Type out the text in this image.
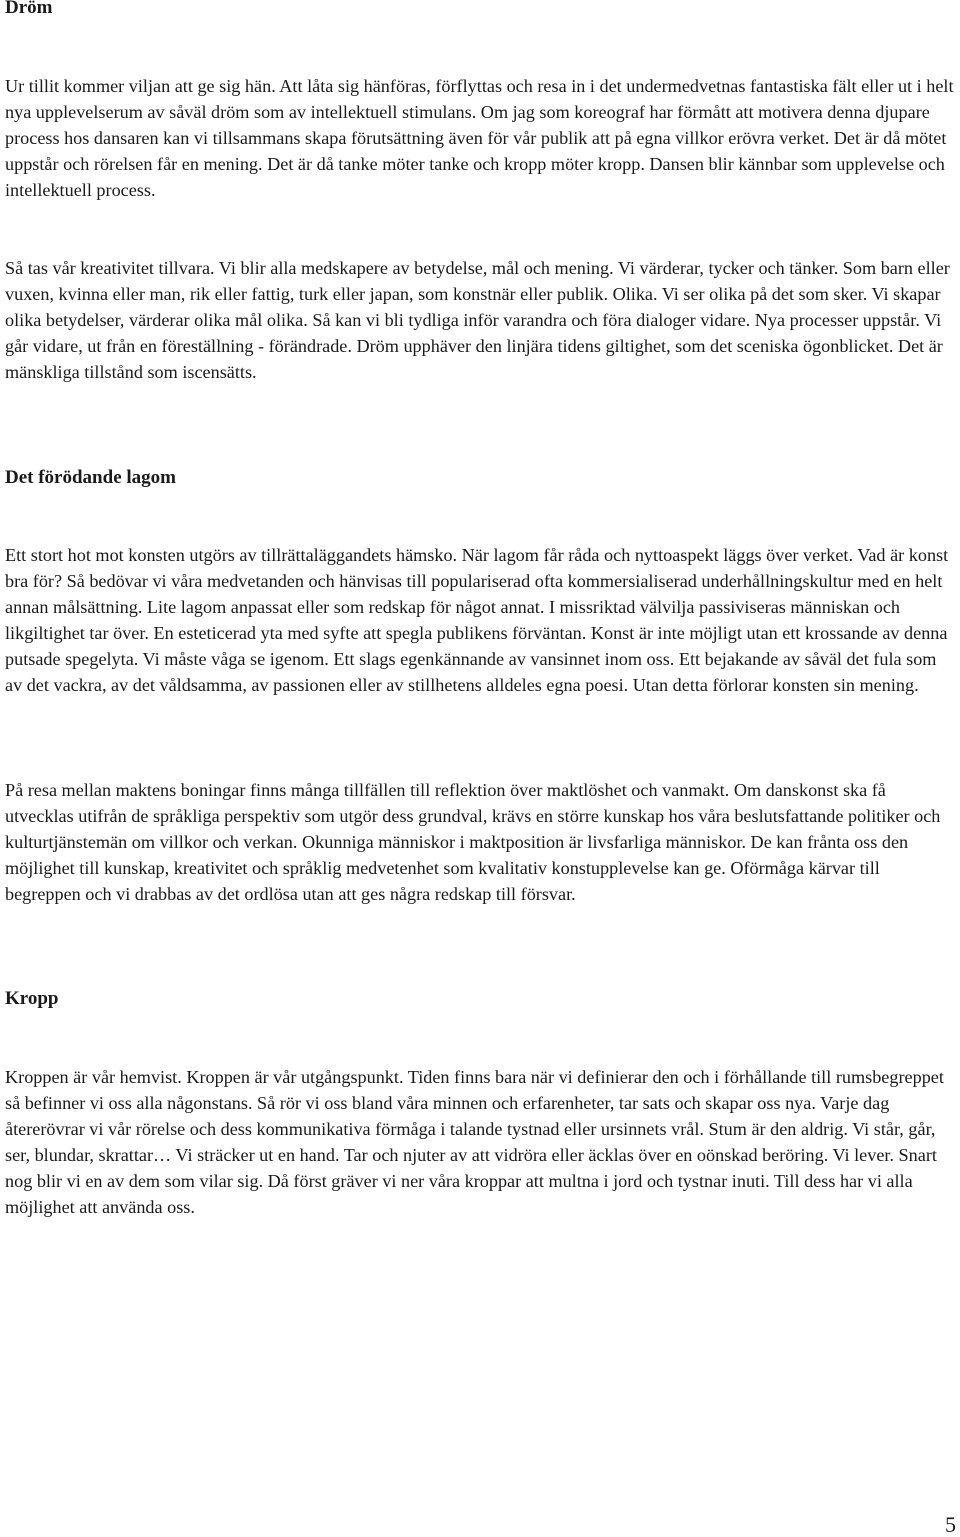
Dröm

Ur tillit kommer viljan att ge sig hän. Att låta sig hänföras, förflyttas och resa in i det undermedvetnas fantastiska fält eller ut i helt nya upplevelserum av såväl dröm som av intellektuell stimulans. Om jag som koreograf har förmått att motivera denna djupare process hos dansaren kan vi tillsammans skapa förutsättning även för vår publik att på egna villkor erövra verket. Det är då mötet uppstår och rörelsen får en mening. Det är då tanke möter tanke och kropp möter kropp. Dansen blir kännbar som upplevelse och intellektuell process.

Så tas vår kreativitet tillvara. Vi blir alla medskapere av betydelse, mål och mening. Vi värderar, tycker och tänker. Som barn eller vuxen, kvinna eller man, rik eller fattig, turk eller japan, som konstnär eller publik. Olika. Vi ser olika på det som sker. Vi skapar olika betydelser, värderar olika mål olika. Så kan vi bli tydliga inför varandra och föra dialoger vidare. Nya processer uppstår. Vi går vidare, ut från en föreställning - förändrade. Dröm upphäver den linjära tidens giltighet, som det sceniska ögonblicket. Det är mänskliga tillstånd som iscensätts.

Det förödande lagom

Ett stort hot mot konsten utgörs av tillrättaläggandets hämsko. När lagom får råda och nyttoaspekt läggs över verket. Vad är konst bra för? Så bedövar vi våra medvetanden och hänvisas till populariserad ofta kommersialiserad underhållningskultur med en helt annan målsättning. Lite lagom anpassat eller som redskap för något annat. I missriktad välvilja passiviseras människan och likgiltighet tar över. En esteticerad yta med syfte att spegla publikens förväntan. Konst är inte möjligt utan ett krossande av denna putsade spegelyta. Vi måste våga se igenom. Ett slags egenkännande av vansinnet inom oss. Ett bejakande av såväl det fula som av det vackra, av det våldsamma, av passionen eller av stillhetens alldeles egna poesi. Utan detta förlorar konsten sin mening.

På resa mellan maktens boningar finns många tillfällen till reflektion över maktlöshet och vanmakt. Om danskonst ska få utvecklas utifrån de språkliga perspektiv som utgör dess grundval, krävs en större kunskap hos våra beslutsfattande politiker och kulturtjänstemän om villkor och verkan. Okunniga människor i maktposition är livsfarliga människor. De kan frånta oss den möjlighet till kunskap, kreativitet och språklig medvetenhet som kvalitativ konstupplevelse kan ge. Oförmåga kärvar till begreppen och vi drabbas av det ordlösa utan att ges några redskap till försvar.

Kropp

Kroppen är vår hemvist. Kroppen är vår utgångspunkt. Tiden finns bara när vi definierar den och i förhållande till rumsbegreppet så befinner vi oss alla någonstans. Så rör vi oss bland våra minnen och erfarenheter, tar sats och skapar oss nya. Varje dag återerövrar vi vår rörelse och dess kommunikativa förmåga i talande tystnad eller ursinnets vrål. Stum är den aldrig. Vi står, går, ser, blundar, skrattar… Vi sträcker ut en hand. Tar och njuter av att vidröra eller äcklas över en oönskad beröring. Vi lever. Snart nog blir vi en av dem som vilar sig. Då först gräver vi ner våra kroppar att multna i jord och tystnar inuti. Till dess har vi alla möjlighet att använda oss.

5
